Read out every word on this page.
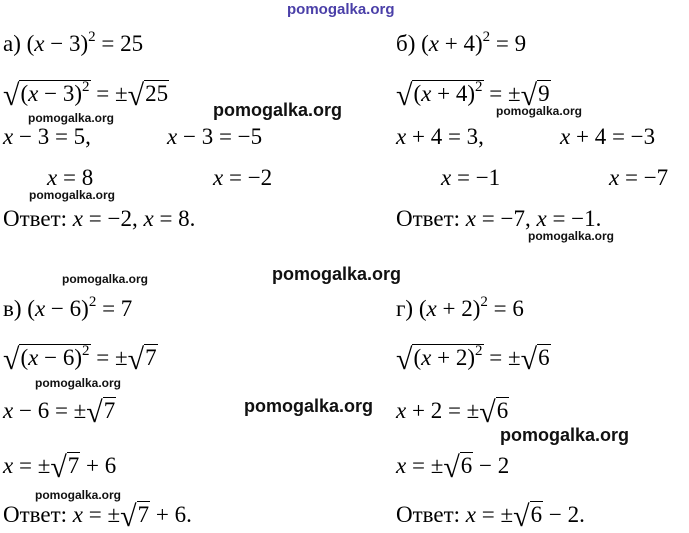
pomogalka.org
а) $(x - 3)^2 = 25$
$√(x - 3)^2 = \pm√25$
x − 3 = 5,	x − 3 = −5
x = 8	x = −2
Ответ: x = −2, x = 8.
б) $(x + 4)^2 = 9$
$√(x + 4)^2 = \pm√9$
x + 4 = 3,	x + 4 = −3
x = −1	x = −7
Ответ: x = −7, x = −1.
в) $(x - 6)^2 = 7$
$√(x - 6)^2 = \pm√7$
x − 6 = ±√7
x = ±√7 + 6
Ответ: x = ±√7 + 6.
г) $(x + 2)^2 = 6$
$√(x + 2)^2 = \pm√6$
x + 2 = ±√6
x = ±√6 − 2
Ответ: x = ±√6 − 2.
pomogalka.org
pomogalka.org	pomogalka.org
pomogalka.org
pomogalka.org
pomogalka.org	pomogalka.org
pomogalka.org
pomogalka.org
pomogalka.org
pomogalka.org
